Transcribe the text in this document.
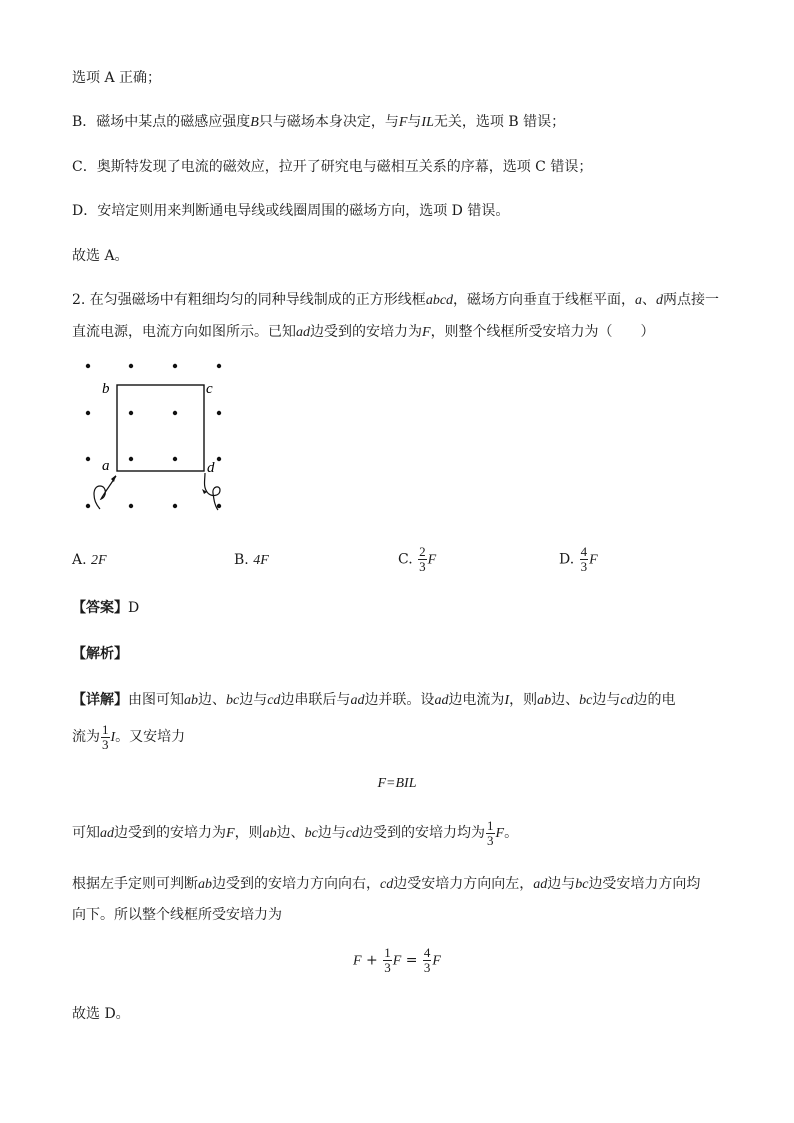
选项 A 正确；
B．磁场中某点的磁感应强度B只与磁场本身决定，与F与IL无关，选项 B 错误；
C．奥斯特发现了电流的磁效应，拉开了研究电与磁相互关系的序幕，选项 C 错误；
D．安培定则用来判断通电导线或线圈周围的磁场方向，选项 D 错误。
故选 A。
2. 在匀强磁场中有粗细均匀的同种导线制成的正方形线框abcd，磁场方向垂直于线框平面，a、d两点接一
直流电源，电流方向如图所示。已知ad边受到的安培力为F，则整个线框所受安培力为（　　）
b	c
a	d
A. 2F	B. 4F	C. $\frac{2}{3}$ F	D. $\frac{4}{3}$ F
【答案】D
【解析】
【详解】由图可知ab边、bc边与cd边串联后与ad边并联。设ad边电流为I，则ab边、bc边与cd边的电
流为 $\frac{1}{3}$ I。又安培力
F=BIL
可知ad边受到的安培力为F，则ab边、bc边与cd边受到的安培力均为 $\frac{1}{3}$ F。
根据左手定则可判断ab边受到的安培力方向向右，cd边受安培力方向向左，ad边与bc边受安培力方向均
向下。所以整个线框所受安培力为
$F + \frac{1}{3}$ $F = \frac{4}{3}$ F
故选 D。
